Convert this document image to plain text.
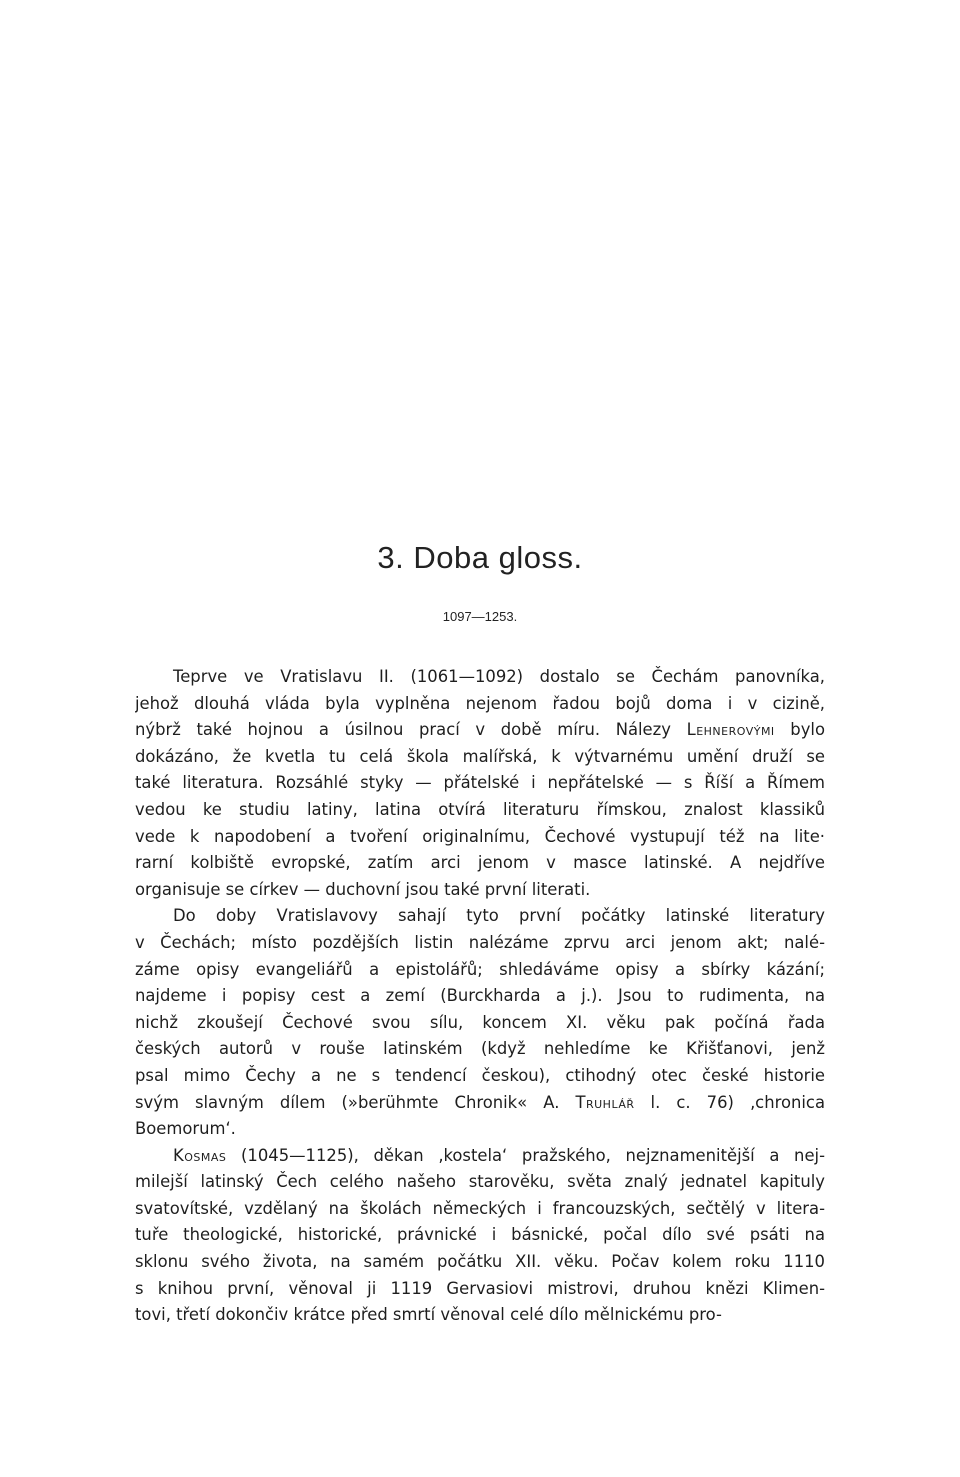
3. Doba gloss.
1097—1253.
Teprve ve Vratislavu II. (1061—1092) dostalo se Čechám panovníka,
jehož dlouhá vláda byla vyplněna nejenom řadou bojů doma i v cizině,
nýbrž také hojnou a úsilnou prací v době míru. Nálezy Lehnerovými bylo
dokázáno, že kvetla tu celá škola malířská, k výtvarnému umění druží se
také literatura. Rozsáhlé styky — přátelské i nepřátelské — s Říší a Římem
vedou ke studiu latiny, latina otvírá literaturu římskou, znalost klassiků
vede k napodobení a tvoření originalnímu, Čechové vystupují též na lite·
rarní kolbiště evropské, zatím arci jenom v masce latinské. A nejdříve
organisuje se církev — duchovní jsou také první literati.
Do doby Vratislavovy sahají tyto první počátky latinské literatury
v Čechách; místo pozdějších listin nalézáme zprvu arci jenom akt; nalé-
záme opisy evangeliářů a epistolářů; shledáváme opisy a sbírky kázání;
najdeme i popisy cest a zemí (Burckharda a j.). Jsou to rudimenta, na
nichž zkoušejí Čechové svou sílu, koncem XI. věku pak počíná řada
českých autorů v rouše latinském (když nehledíme ke Křišťanovi, jenž
psal mimo Čechy a ne s tendencí českou), ctihodný otec české historie
svým slavným dílem (»berühmte Chronik« A. Truhlář l. c. 76) ‚chronica
Boemorum‘.
Kosmas (1045—1125), děkan ‚kostela‘ pražského, nejznamenitější a nej-
milejší latinský Čech celého našeho starověku, světa znalý jednatel kapituly
svatovítské, vzdělaný na školách německých i francouzských, sečtělý v litera-
tuře theologické, historické, právnické i básnické, počal dílo své psáti na
sklonu svého života, na samém počátku XII. věku. Počav kolem roku 1110
s knihou první, věnoval ji 1119 Gervasiovi mistrovi, druhou knězi Klimen-
tovi, třetí dokončiv krátce před smrtí věnoval celé dílo mělnickému pro-
